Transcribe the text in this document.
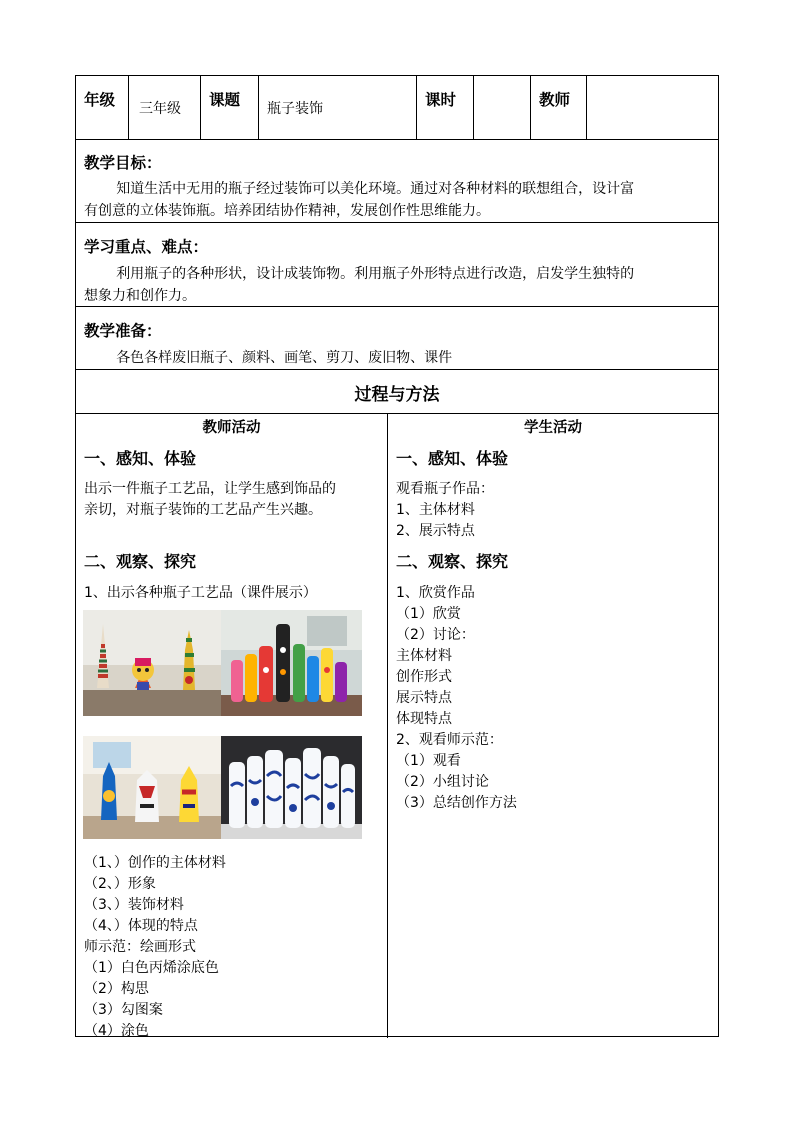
年级 三年级 课题 瓶子装饰	课时	教师
教学目标：
知道生活中无用的瓶子经过装饰可以美化环境。通过对各种材料的联想组合，设计富
有创意的立体装饰瓶。培养团结协作精神，发展创作性思维能力。
学习重点、难点：
利用瓶子的各种形状，设计成装饰物。利用瓶子外形特点进行改造，启发学生独特的
想象力和创作力。
教学准备：
各色各样废旧瓶子、颜料、画笔、剪刀、废旧物、课件
过程与方法
教师活动
一、感知、体验
出示一件瓶子工艺品，让学生感到饰品的
亲切，对瓶子装饰的工艺品产生兴趣。
二、观察、探究
1、出示各种瓶子工艺品（课件展示）
（1、）创作的主体材料
（2、）形象
（3、）装饰材料
（4、）体现的特点
师示范：绘画形式
（1）白色丙烯涂底色
（2）构思
（3）勾图案
（4）涂色
学生活动
一、感知、体验
观看瓶子作品：
1、主体材料
2、展示特点
二、观察、探究
1、欣赏作品
（1）欣赏
（2）讨论：
主体材料
创作形式
展示特点
体现特点
2、观看师示范：
（1）观看
（2）小组讨论
（3）总结创作方法
